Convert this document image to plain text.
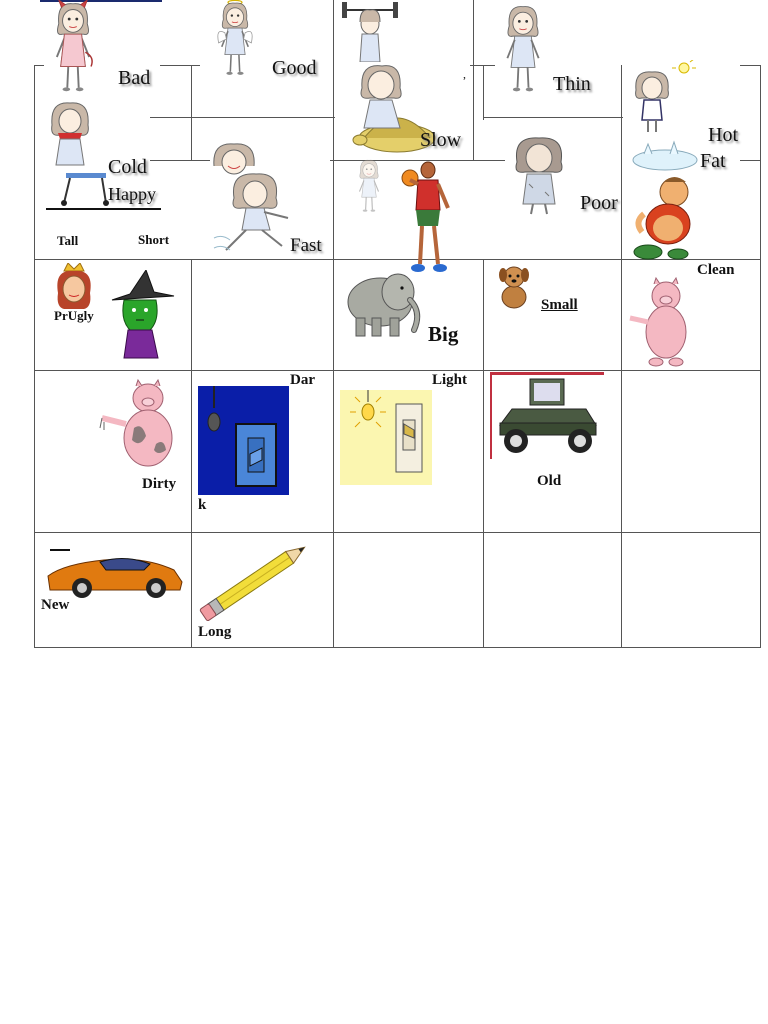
Bad	Good
Slow
,	Thin
Hot
Fat
Cold
Happy
Fast
Poor
Tall	Short
PrUgly
Big
Small
Clean
Dirty
Dar
k
Light
Old
New
Long
